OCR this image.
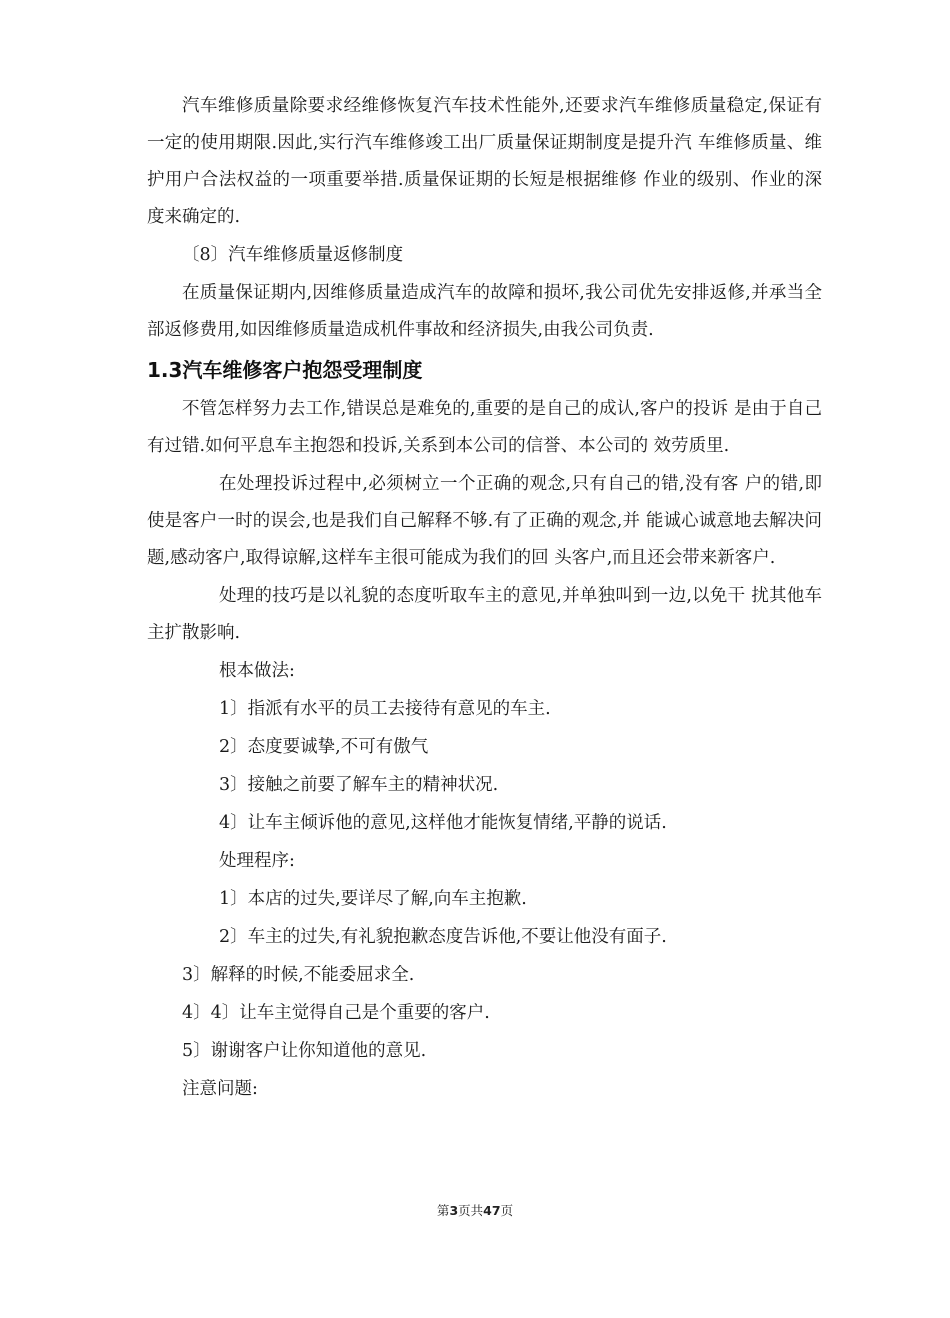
汽车维修质量除要求经维修恢复汽车技术性能外,还要求汽车维修质量稳定,保证有一定的使用期限.因此,实行汽车维修竣工出厂质量保证期制度是提升汽 车维修质量、维护用户合法权益的一项重要举措.质量保证期的长短是根据维修 作业的级别、作业的深度来确定的.

〔8〕汽车维修质量返修制度

在质量保证期内,因维修质量造成汽车的故障和损坏,我公司优先安排返修,并承当全部返修费用,如因维修质量造成机件事故和经济损失,由我公司负责.

1.3汽车维修客户抱怨受理制度

不管怎样努力去工作,错误总是难免的,重要的是自己的成认,客户的投诉 是由于自己有过错.如何平息车主抱怨和投诉,关系到本公司的信誉、本公司的 效劳质里.

在处理投诉过程中,必须树立一个正确的观念,只有自己的错,没有客 户的错,即使是客户一时的误会,也是我们自己解释不够.有了正确的观念,并 能诚心诚意地去解决问题,感动客户,取得谅解,这样车主很可能成为我们的回 头客户,而且还会带来新客户.

处理的技巧是以礼貌的态度听取车主的意见,并单独叫到一边,以免干 扰其他车主扩散影响.

根本做法:

1〕指派有水平的员工去接待有意见的车主.

2〕态度要诚挚,不可有傲气

3〕接触之前要了解车主的精神状况.

4〕让车主倾诉他的意见,这样他才能恢复情绪,平静的说话.

处理程序:

1〕本店的过失,要详尽了解,向车主抱歉.

2〕车主的过失,有礼貌抱歉态度告诉他,不要让他没有面子.

3〕解释的时候,不能委屈求全.

4〕4〕让车主觉得自己是个重要的客户.

5〕谢谢客户让你知道他的意见.

注意问题:

第3页共47页
